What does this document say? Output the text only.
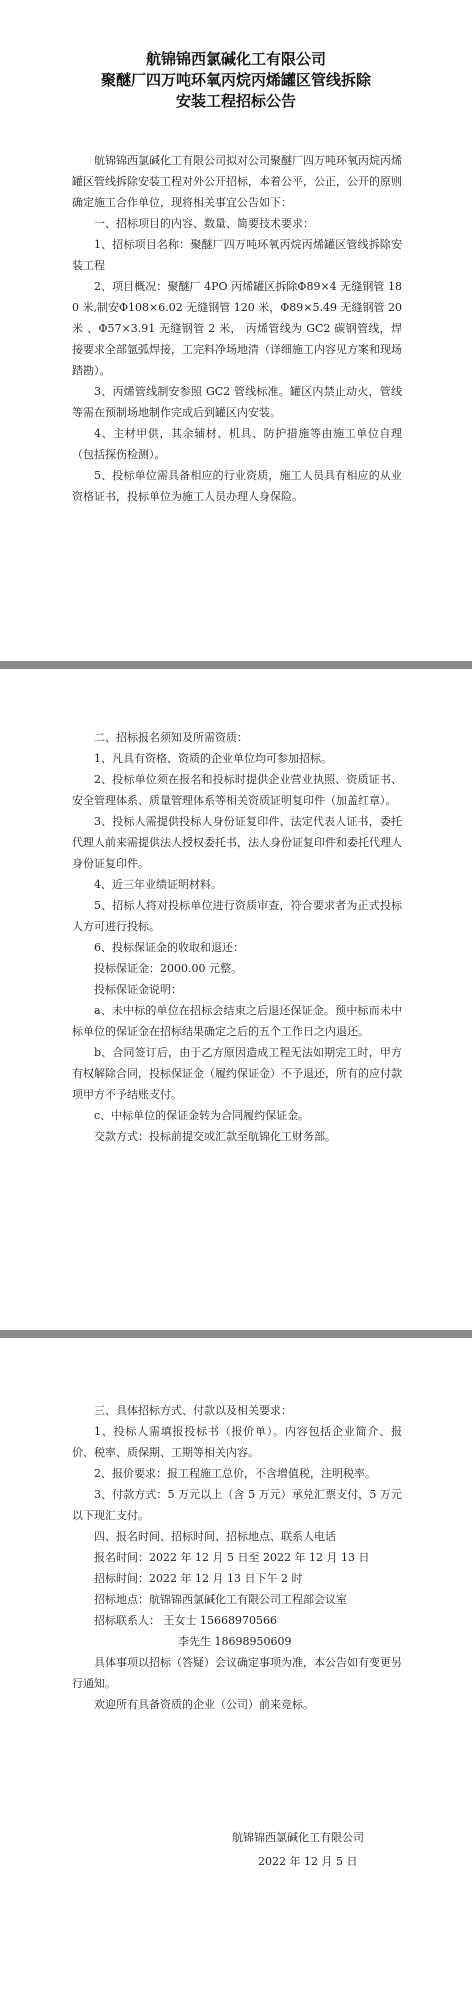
航锦锦西氯碱化工有限公司
聚醚厂四万吨环氧丙烷丙烯罐区管线拆除
安装工程招标公告
航锦锦西氯碱化工有限公司拟对公司聚醚厂四万吨环氧丙烷丙烯罐区管线拆除安装工程对外公开招标，本着公平，公正，公开的原则确定施工合作单位，现将相关事宜公告如下：
一、招标项目的内容、数量、简要技术要求：
1、招标项目名称：聚醚厂四万吨环氧丙烷丙烯罐区管线拆除安装工程
2、项目概况：聚醚厂 4PO 丙烯罐区拆除Φ89×4 无缝钢管 180 米,制安Φ108×6.02 无缝钢管 120 米，Φ89×5.49 无缝钢管 20 米 、Φ57×3.91 无缝钢管 2 米， 丙烯管线为 GC2 碳钢管线，焊接要求全部氩弧焊接，工完料净场地清（详细施工内容见方案和现场踏勘）。
3、丙烯管线制安参照 GC2 管线标准。罐区内禁止动火，管线等需在预制场地制作完成后到罐区内安装。
4、主材甲供，其余辅材、机具、防护措施等由施工单位自理（包括探伤检测）。
5、投标单位需具备相应的行业资质，施工人员具有相应的从业资格证书，投标单位为施工人员办理人身保险。
二、招标报名须知及所需资质：
1、凡具有资格、资质的企业单位均可参加招标。
2、投标单位须在报名和投标时提供企业营业执照、资质证书、安全管理体系、质量管理体系等相关资质证明复印件（加盖红章）。
3、投标人需提供投标人身份证复印件、法定代表人证书，委托代理人前来需提供法人授权委托书，法人身份证复印件和委托代理人身份证复印件。
4、近三年业绩证明材料。
5、招标人将对投标单位进行资质审查，符合要求者为正式投标人方可进行投标。
6、投标保证金的收取和退还：
投标保证金：2000.00 元整。
投标保证金说明：
a、未中标的单位在招标会结束之后退还保证金。预中标而未中标单位的保证金在招标结果确定之后的五个工作日之内退还。
b、合同签订后，由于乙方原因造成工程无法如期完工时，甲方有权解除合同，投标保证金（履约保证金）不予退还，所有的应付款项甲方不予结账支付。
c、中标单位的保证金转为合同履约保证金。
交款方式：投标前提交或汇款至航锦化工财务部。
三、具体招标方式、付款以及相关要求：
1、投标人需填报投标书（报价单）。内容包括企业简介、报价、税率、质保期、工期等相关内容。
2、报价要求：报工程施工总价，不含增值税，注明税率。
3、付款方式：5 万元以上（含 5 万元）承兑汇票支付，5 万元以下现汇支付。
四、报名时间、招标时间、招标地点、联系人电话
报名时间：2022 年 12 月 5 日至 2022 年 12 月 13 日
招标时间：2022 年 12 月 13 日下午 2 时
招标地点：航锦锦西氯碱化工有限公司工程部会议室
招标联系人： 王女士 15668970566
李先生 18698950609
具体事项以招标（答疑）会议确定事项为准，本公告如有变更另行通知。
欢迎所有具备资质的企业（公司）前来竞标。
航锦锦西氯碱化工有限公司
2022 年 12 月 5 日
